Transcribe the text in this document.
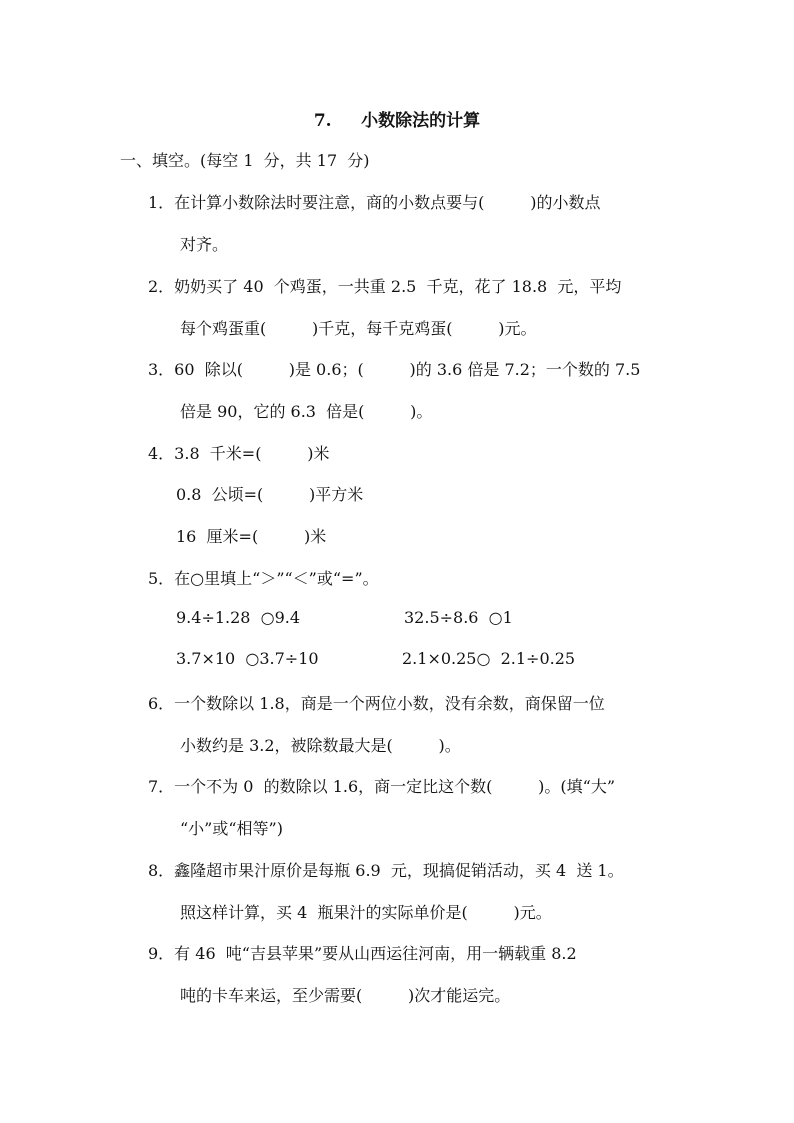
7.     小数除法的计算
一、填空。(每空 1  分，共 17  分)
1．在计算小数除法时要注意，商的小数点要与(         )的小数点
对齐。
2．奶奶买了 40  个鸡蛋，一共重 2.5  千克，花了 18.8  元，平均
每个鸡蛋重(         )千克，每千克鸡蛋(         )元。
3．60  除以(         )是 0.6；(         )的 3.6 倍是 7.2；一个数的 7.5
倍是 90，它的 6.3  倍是(         )。
4．3.8  千米=(         )米
0.8  公顷=(         )平方米
16  厘米=(         )米
5．在○里填上“＞”“＜”或“=”。
9.4÷1.28  ○9.4	32.5÷8.6  ○1
3.7×10  ○3.7÷10	2.1×0.25○  2.1÷0.25
6．一个数除以 1.8，商是一个两位小数，没有余数，商保留一位
小数约是 3.2，被除数最大是(         )。
7．一个不为 0  的数除以 1.6，商一定比这个数(         )。(填“大”
“小”或“相等”)
8．鑫隆超市果汁原价是每瓶 6.9  元，现搞促销活动，买 4  送 1。
照这样计算，买 4  瓶果汁的实际单价是(         )元。
9．有 46  吨“吉县苹果”要从山西运往河南，用一辆载重 8.2
吨的卡车来运，至少需要(         )次才能运完。
